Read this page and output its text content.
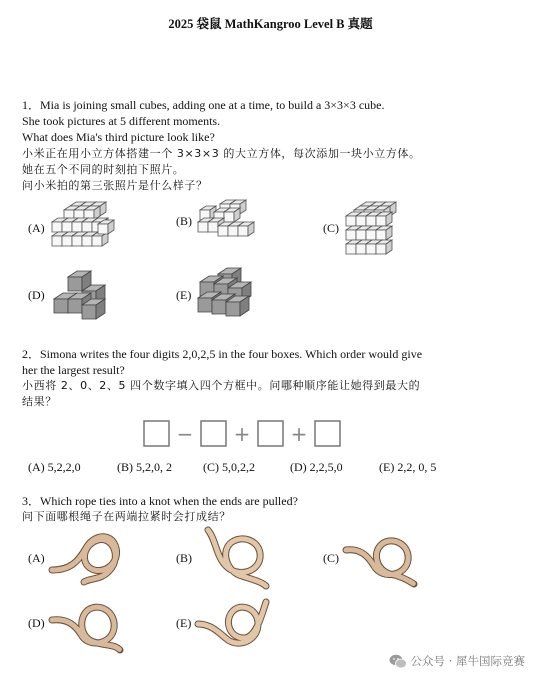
2025 袋鼠 MathKangroo Level B 真题
1．Mia is joining small cubes, adding one at a time, to build a 3×3×3 cube.
She took pictures at 5 different moments.
What does Mia's third picture look like?
小米正在用小立方体搭建一个 3×3×3 的大立方体，每次添加一块小立方体。
她在五个不同的时刻拍下照片。
问小米拍的第三张照片是什么样子？
(A)	(B)	(C)
(D)	(E)
2．Simona writes the four digits 2,0,2,5 in the four boxes. Which order would give
her the largest result?
小西将 2、0、2、5 四个数字填入四个方框中。问哪种顺序能让她得到最大的
结果？
− + +
(A) 5,2,2,0	(B) 5,2,0, 2	(C) 5,0,2,2	(D) 2,2,5,0	(E) 2,2, 0, 5
3．Which rope ties into a knot when the ends are pulled?
问下面哪根绳子在两端拉紧时会打成结？
(A)	(B)	(C)
(D)	(E)
公众号 · 犀牛国际竞赛
